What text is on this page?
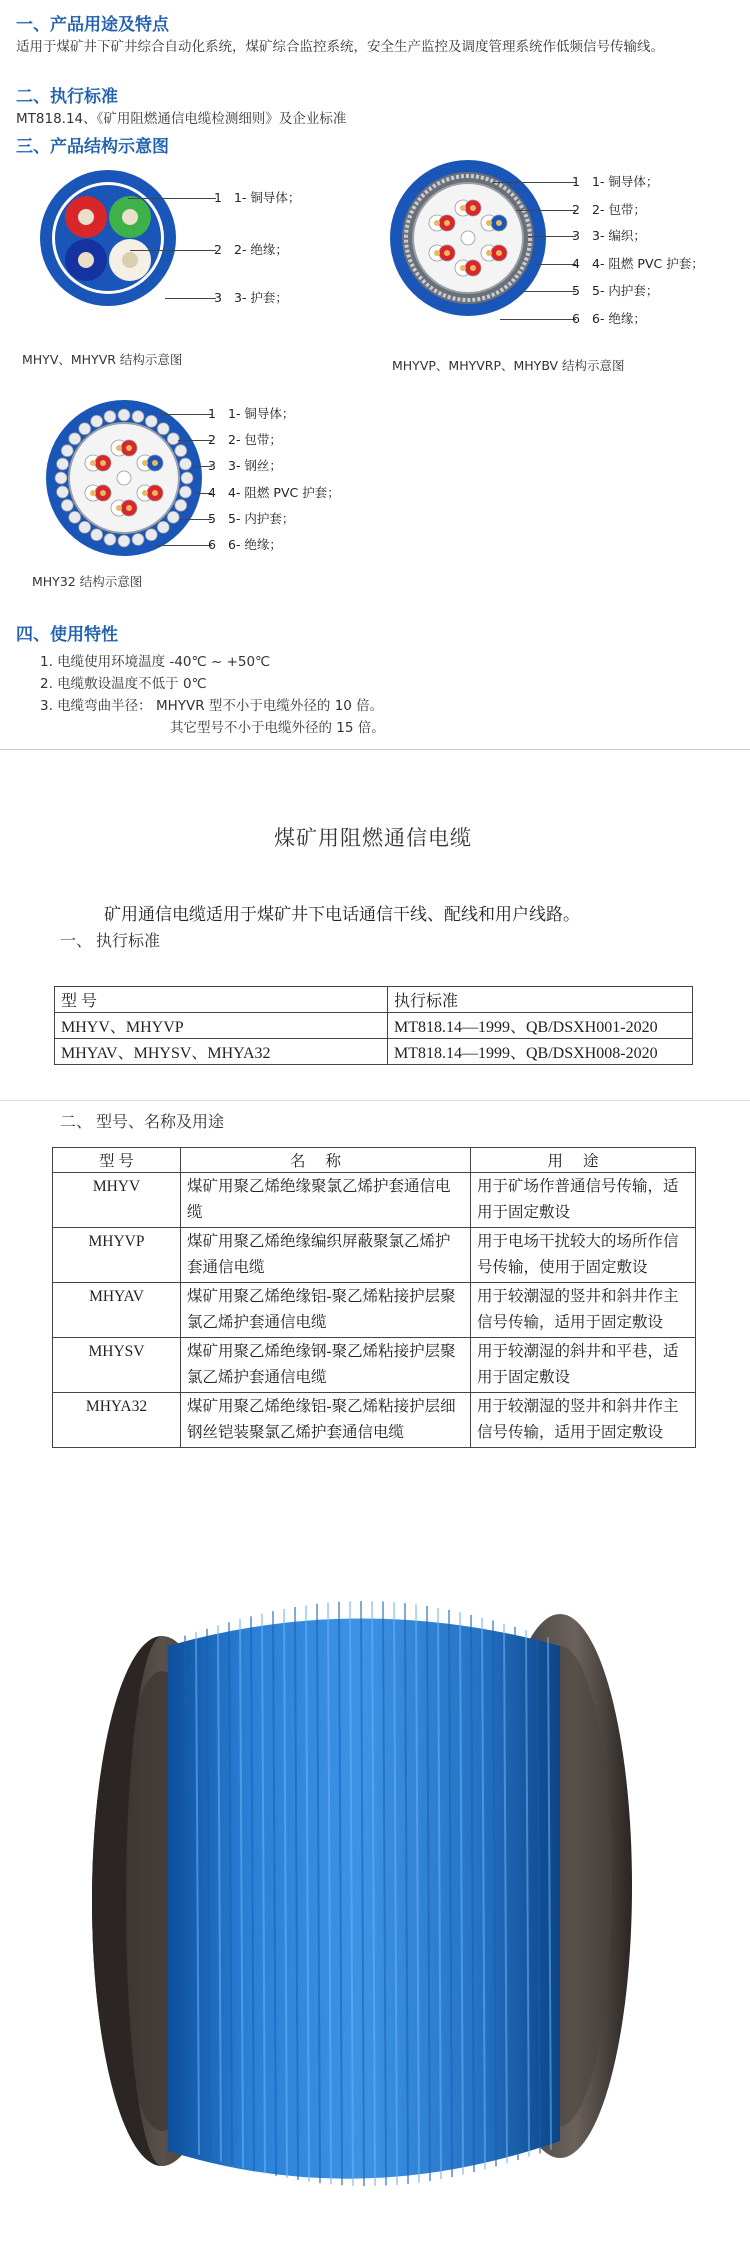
一、产品用途及特点
适用于煤矿井下矿井综合自动化系统，煤矿综合监控系统，安全生产监控及调度管理系统作低频信号传输线。
二、执行标准
MT818.14、《矿用阻燃通信电缆检测细则》及企业标准
三、产品结构示意图
1 1- 铜导体；
2 2- 绝缘；
3 3- 护套；
MHYV、MHYVR 结构示意图
1 1- 铜导体；
2 2- 包带；
3 3- 编织；
4 4- 阻燃 PVC 护套；
5 5- 内护套；
6 6- 绝缘；
MHYVP、MHYVRP、MHYBV 结构示意图
1 1- 铜导体；
2 2- 包带；
3 3- 钢丝；
4 4- 阻燃 PVC 护套；
5 5- 内护套；
6 6- 绝缘；
MHY32 结构示意图
四、使用特性
1. 电缆使用环境温度 -40℃ ~ +50℃
2. 电缆敷设温度不低于 0℃
3. 电缆弯曲半径： MHYVR 型不小于电缆外径的 10 倍。
其它型号不小于电缆外径的 15 倍。
煤矿用阻燃通信电缆
矿用通信电缆适用于煤矿井下电话通信干线、配线和用户线路。
一、 执行标准
型 号	执行标准
MHYV、MHYVP	MT818.14—1999、QB/DSXH001-2020
MHYAV、MHYSV、MHYA32	MT818.14—1999、QB/DSXH008-2020
二、 型号、名称及用途
型 号	名称	用途
MHYV	煤矿用聚乙烯绝缘聚氯乙烯护套通信电缆	用于矿场作普通信号传输，适用于固定敷设
MHYVP	煤矿用聚乙烯绝缘编织屏蔽聚氯乙烯护套通信电缆	用于电场干扰较大的场所作信号传输，使用于固定敷设
MHYAV	煤矿用聚乙烯绝缘铝-聚乙烯粘接护层聚氯乙烯护套通信电缆	用于较潮湿的竖井和斜井作主信号传输，适用于固定敷设
MHYSV	煤矿用聚乙烯绝缘钢-聚乙烯粘接护层聚氯乙烯护套通信电缆	用于较潮湿的斜井和平巷，适用于固定敷设
MHYA32	煤矿用聚乙烯绝缘铝-聚乙烯粘接护层细钢丝铠装聚氯乙烯护套通信电缆	用于较潮湿的竖井和斜井作主信号传输，适用于固定敷设
